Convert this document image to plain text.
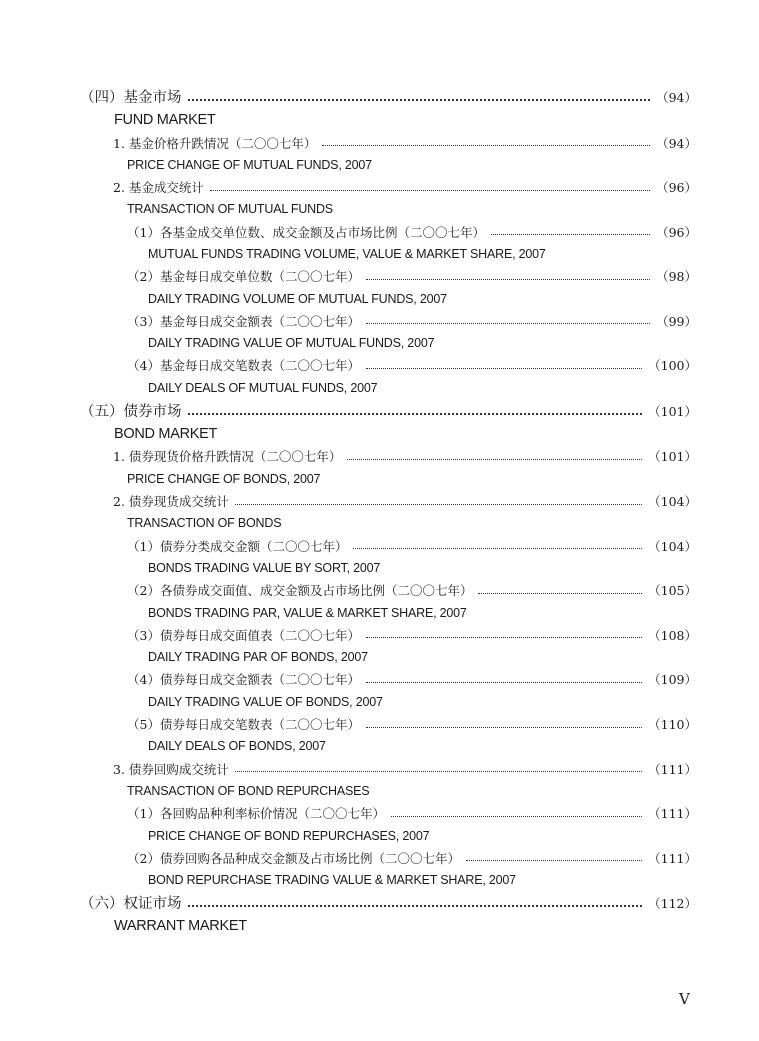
（四）基金市场	（94）
FUND MARKET
1. 基金价格升跌情况（二〇〇七年）	（94）
PRICE CHANGE OF MUTUAL FUNDS, 2007
2. 基金成交统计	（96）
TRANSACTION OF MUTUAL FUNDS
（1）各基金成交单位数、成交金额及占市场比例（二〇〇七年）	（96）
MUTUAL FUNDS TRADING VOLUME, VALUE & MARKET SHARE, 2007
（2）基金每日成交单位数（二〇〇七年）	（98）
DAILY TRADING VOLUME OF MUTUAL FUNDS, 2007
（3）基金每日成交金额表（二〇〇七年）	（99）
DAILY TRADING VALUE OF MUTUAL FUNDS, 2007
（4）基金每日成交笔数表（二〇〇七年）	（100）
DAILY DEALS OF MUTUAL FUNDS, 2007
（五）债券市场	（101）
BOND MARKET
1. 债券现货价格升跌情况（二〇〇七年）	（101）
PRICE CHANGE OF BONDS, 2007
2. 债券现货成交统计	（104）
TRANSACTION OF BONDS
（1）债券分类成交金额（二〇〇七年）	（104）
BONDS TRADING VALUE BY SORT, 2007
（2）各债券成交面值、成交金额及占市场比例（二〇〇七年）	（105）
BONDS TRADING PAR, VALUE & MARKET SHARE, 2007
（3）债券每日成交面值表（二〇〇七年）	（108）
DAILY TRADING PAR OF BONDS, 2007
（4）债券每日成交金额表（二〇〇七年）	（109）
DAILY TRADING VALUE OF BONDS, 2007
（5）债券每日成交笔数表（二〇〇七年）	（110）
DAILY DEALS OF BONDS, 2007
3. 债券回购成交统计	（111）
TRANSACTION OF BOND REPURCHASES
（1）各回购品种利率标价情况（二〇〇七年）	（111）
PRICE CHANGE OF BOND REPURCHASES, 2007
（2）债券回购各品种成交金额及占市场比例（二〇〇七年）	（111）
BOND REPURCHASE TRADING VALUE & MARKET SHARE, 2007
（六）权证市场	（112）
WARRANT MARKET
V
